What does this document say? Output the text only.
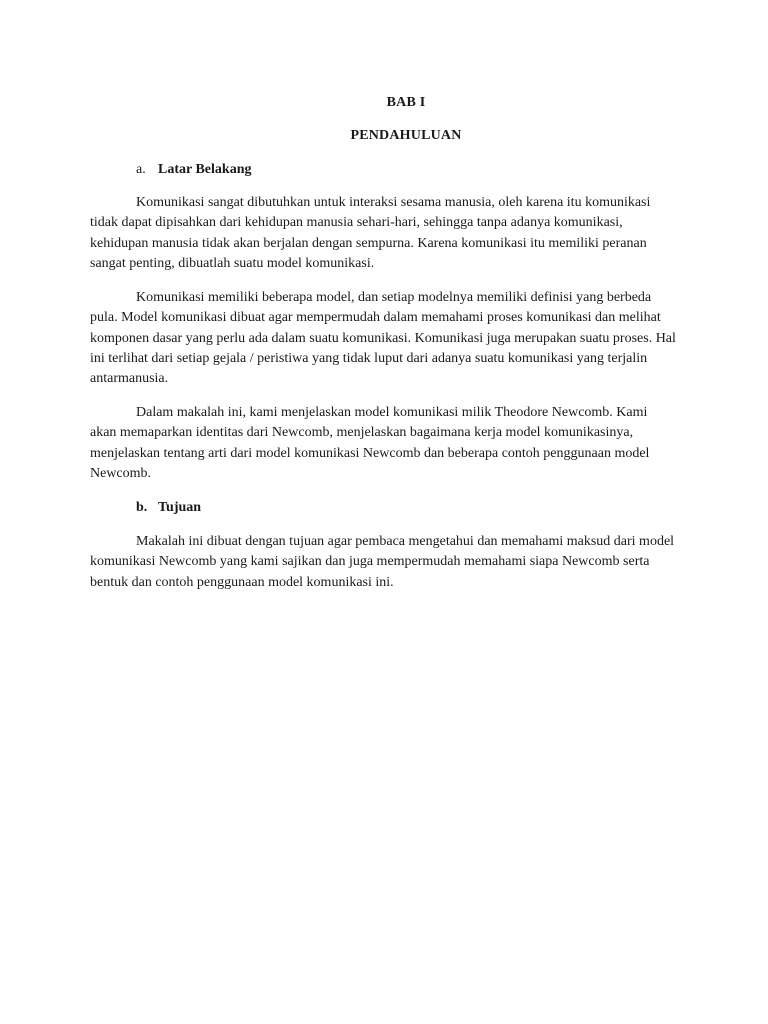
BAB I
PENDAHULUAN
a. Latar Belakang

Komunikasi sangat dibutuhkan untuk interaksi sesama manusia, oleh karena itu komunikasi tidak dapat dipisahkan dari kehidupan manusia sehari-hari, sehingga tanpa adanya komunikasi, kehidupan manusia tidak akan berjalan dengan sempurna. Karena komunikasi itu memiliki peranan sangat penting, dibuatlah suatu model komunikasi.

Komunikasi memiliki beberapa model, dan setiap modelnya memiliki definisi yang berbeda pula. Model komunikasi dibuat agar mempermudah dalam memahami proses komunikasi dan melihat komponen dasar yang perlu ada dalam suatu komunikasi. Komunikasi juga merupakan suatu proses. Hal ini terlihat dari setiap gejala / peristiwa yang tidak luput dari adanya suatu komunikasi yang terjalin antarmanusia.

Dalam makalah ini, kami menjelaskan model komunikasi milik Theodore Newcomb. Kami akan memaparkan identitas dari Newcomb, menjelaskan bagaimana kerja model komunikasinya, menjelaskan tentang arti dari model komunikasi Newcomb dan beberapa contoh penggunaan model Newcomb.

b. Tujuan

Makalah ini dibuat dengan tujuan agar pembaca mengetahui dan memahami maksud dari model komunikasi Newcomb yang kami sajikan dan juga mempermudah memahami siapa Newcomb serta bentuk dan contoh penggunaan model komunikasi ini.
